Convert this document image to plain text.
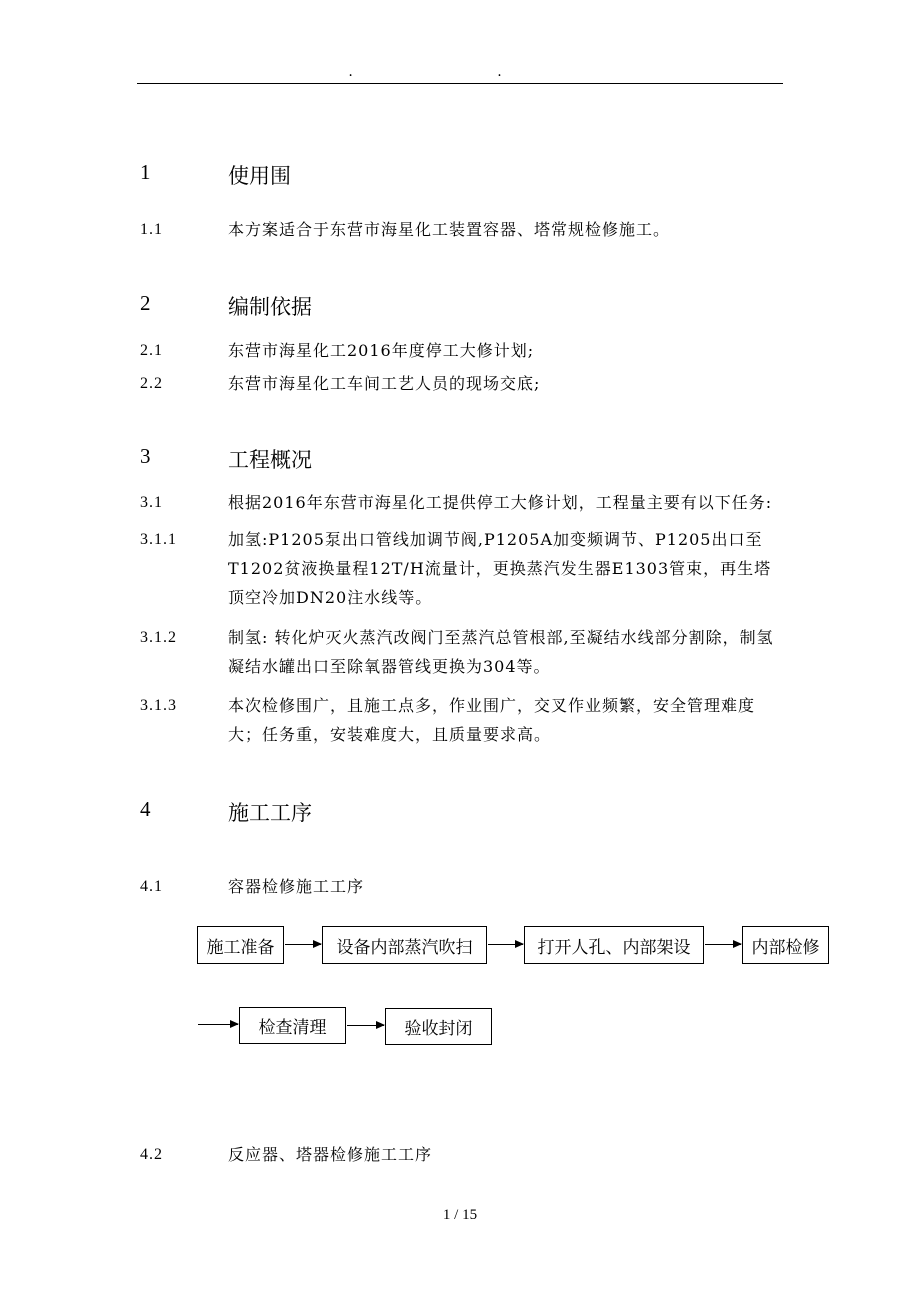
. .
1	使用围
1.1	本方案适合于东营市海星化工装置容器、塔常规检修施工。
2	编制依据
2.1	东营市海星化工2016年度停工大修计划;
2.2	东营市海星化工车间工艺人员的现场交底;
3	工程概况
3.1	根据2016年东营市海星化工提供停工大修计划，工程量主要有以下任务:
3.1.1	加氢:P1205泵出口管线加调节阀,P1205A加变频调节、P1205出口至T1202贫液换量程12T/H流量计，更换蒸汽发生器E1303管束，再生塔顶空冷加DN20注水线等。
3.1.2	制氢: 转化炉灭火蒸汽改阀门至蒸汽总管根部,至凝结水线部分割除，制氢凝结水罐出口至除氧器管线更换为304等。
3.1.3	本次检修围广，且施工点多，作业围广，交叉作业频繁，安全管理难度大；任务重，安装难度大，且质量要求高。
4	施工工序
4.1	容器检修施工工序
施工准备	设备内部蒸汽吹扫	打开人孔、内部架设	内部检修
检查清理	验收封闭
4.2	反应器、塔器检修施工工序
1 / 15
